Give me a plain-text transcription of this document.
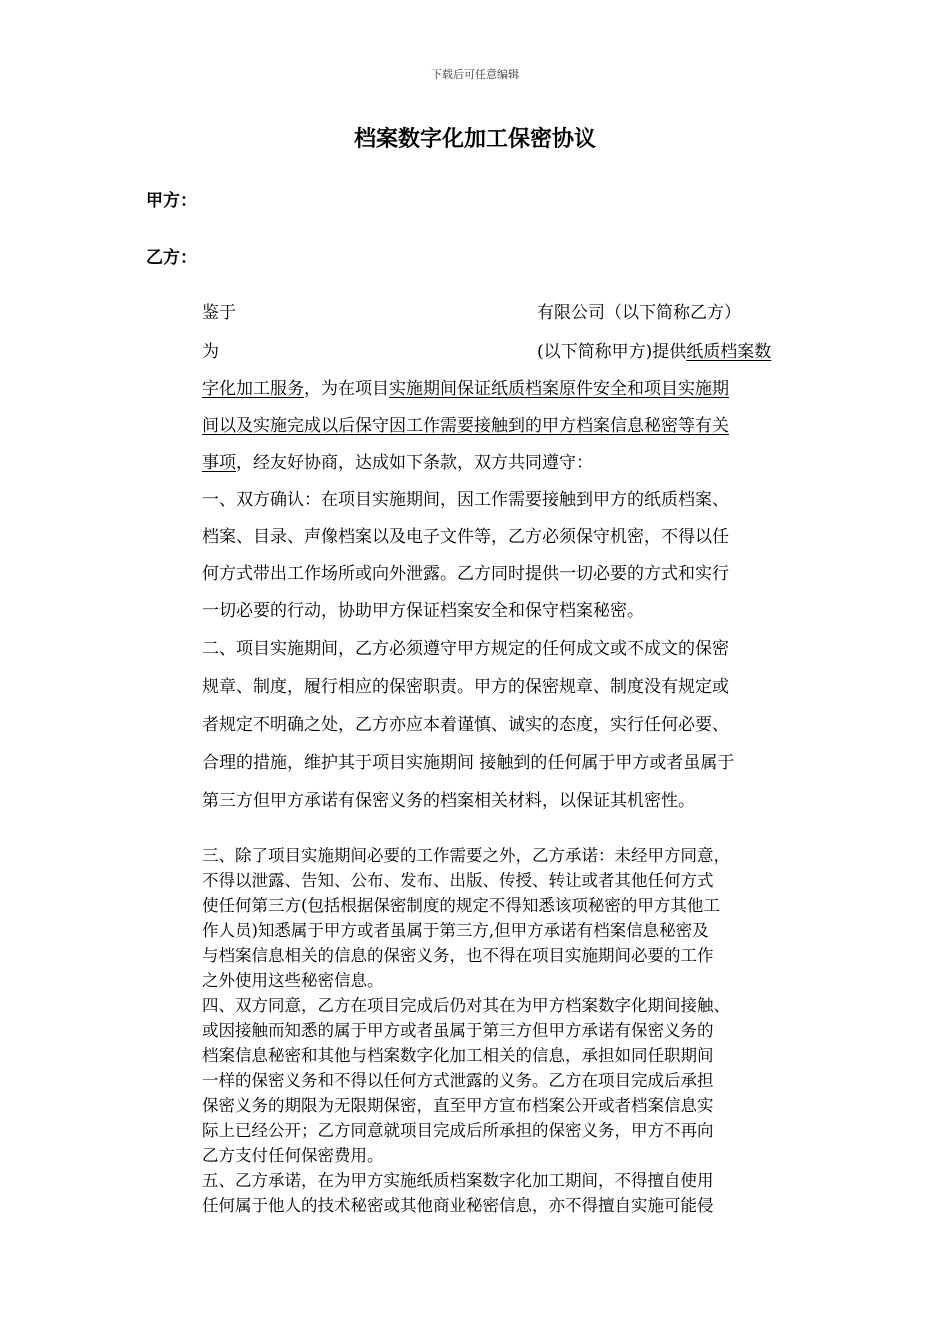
下载后可任意编辑
档案数字化加工保密协议
甲方：
乙方：
鉴于	有限公司（以下简称乙方）
为	(以下简称甲方)提供纸质档案数
字化加工服务，为在项目实施期间保证纸质档案原件安全和项目实施期
间以及实施完成以后保守因工作需要接触到的甲方档案信息秘密等有关
事项，经友好协商，达成如下条款，双方共同遵守：
一、双方确认：在项目实施期间，因工作需要接触到甲方的纸质档案、
档案、目录、声像档案以及电子文件等，乙方必须保守机密，不得以任
何方式带出工作场所或向外泄露。乙方同时提供一切必要的方式和实行
一切必要的行动，协助甲方保证档案安全和保守档案秘密。
二、项目实施期间，乙方必须遵守甲方规定的任何成文或不成文的保密
规章、制度，履行相应的保密职责。甲方的保密规章、制度没有规定或
者规定不明确之处，乙方亦应本着谨慎、诚实的态度，实行任何必要、
合理的措施，维护其于项目实施期间 接触到的任何属于甲方或者虽属于
第三方但甲方承诺有保密义务的档案相关材料，以保证其机密性。
三、除了项目实施期间必要的工作需要之外，乙方承诺：未经甲方同意，
不得以泄露、告知、公布、发布、出版、传授、转让或者其他任何方式
使任何第三方(包括根据保密制度的规定不得知悉该项秘密的甲方其他工
作人员)知悉属于甲方或者虽属于第三方,但甲方承诺有档案信息秘密及
与档案信息相关的信息的保密义务，也不得在项目实施期间必要的工作
之外使用这些秘密信息。
四、双方同意，乙方在项目完成后仍对其在为甲方档案数字化期间接触、
或因接触而知悉的属于甲方或者虽属于第三方但甲方承诺有保密义务的
档案信息秘密和其他与档案数字化加工相关的信息，承担如同任职期间
一样的保密义务和不得以任何方式泄露的义务。乙方在项目完成后承担
保密义务的期限为无限期保密，直至甲方宣布档案公开或者档案信息实
际上已经公开；乙方同意就项目完成后所承担的保密义务，甲方不再向
乙方支付任何保密费用。
五、乙方承诺，在为甲方实施纸质档案数字化加工期间，不得擅自使用
任何属于他人的技术秘密或其他商业秘密信息，亦不得擅自实施可能侵
